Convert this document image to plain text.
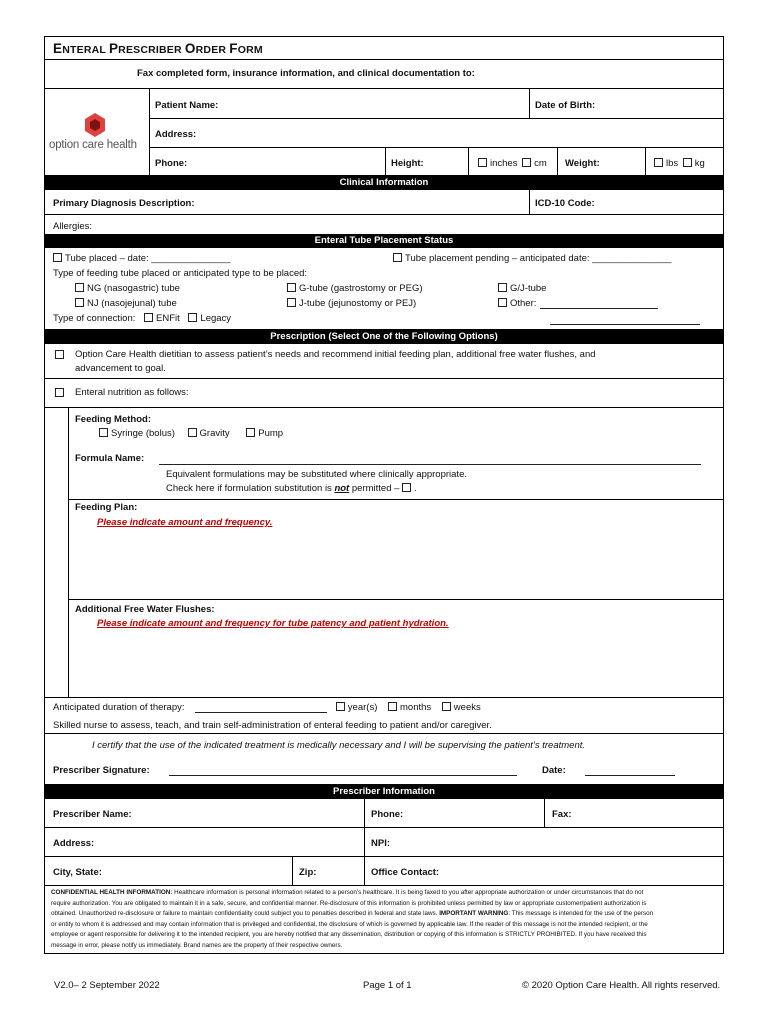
ENTERAL PRESCRIBER ORDER FORM
Fax completed form, insurance information, and clinical documentation to:
option care health
Patient Name:	Date of Birth:
Address:
Phone:	Height:	inches cm Weight:	lbs kg
Clinical Information
Primary Diagnosis Description:	ICD-10 Code:
Allergies:
Enteral Tube Placement Status
Tube placed – date: _______________	Tube placement pending – anticipated date: _______________
Type of feeding tube placed or anticipated type to be placed:
NG (nasogastric) tube	G-tube (gastrostomy or PEG)	G/J-tube
NJ (nasojejunal) tube	J-tube (jejunostomy or PEJ)	Other:
Type of connection: ENFit Legacy
Prescription (Select One of the Following Options)
Option Care Health dietitian to assess patient’s needs and recommend initial feeding plan, additional free water flushes, and
advancement to goal.
Enteral nutrition as follows:
Feeding Method:
Syringe (bolus)	Gravity	Pump
Formula Name:
Equivalent formulations may be substituted where clinically appropriate.
Check here if formulation substitution is not permitted – .
Feeding Plan:
Please indicate amount and frequency.
Additional Free Water Flushes:
Please indicate amount and frequency for tube patency and patient hydration.
Anticipated duration of therapy:	year(s) months weeks
Skilled nurse to assess, teach, and train self-administration of enteral feeding to patient and/or caregiver.
I certify that the use of the indicated treatment is medically necessary and I will be supervising the patient’s treatment.
Prescriber Signature:	Date:
Prescriber Information
Prescriber Name:	Phone:	Fax:
Address:	NPI:
City, State:	Zip:	Office Contact:
CONFIDENTIAL HEALTH INFORMATION: Healthcare information is personal information related to a person’s healthcare. It is being faxed to you after appropriate authorization or under circumstances that do not
require authorization. You are obligated to maintain it in a safe, secure, and confidential manner. Re-disclosure of this information is prohibited unless permitted by law or appropriate customer/patient authorization is
obtained. Unauthorized re-disclosure or failure to maintain confidentiality could subject you to penalties described in federal and state laws. IMPORTANT WARNING: This message is intended for the use of the person
or entity to whom it is addressed and may contain information that is privileged and confidential, the disclosure of which is governed by applicable law. If the reader of this message is not the intended recipient, or the
employee or agent responsible for delivering it to the intended recipient, you are hereby notified that any dissemination, distribution or copying of this information is STRICTLY PROHIBITED. If you have received this
message in error, please notify us immediately. Brand names are the property of their respective owners.
V2.0– 2 September 2022	Page 1 of 1	© 2020 Option Care Health. All rights reserved.
